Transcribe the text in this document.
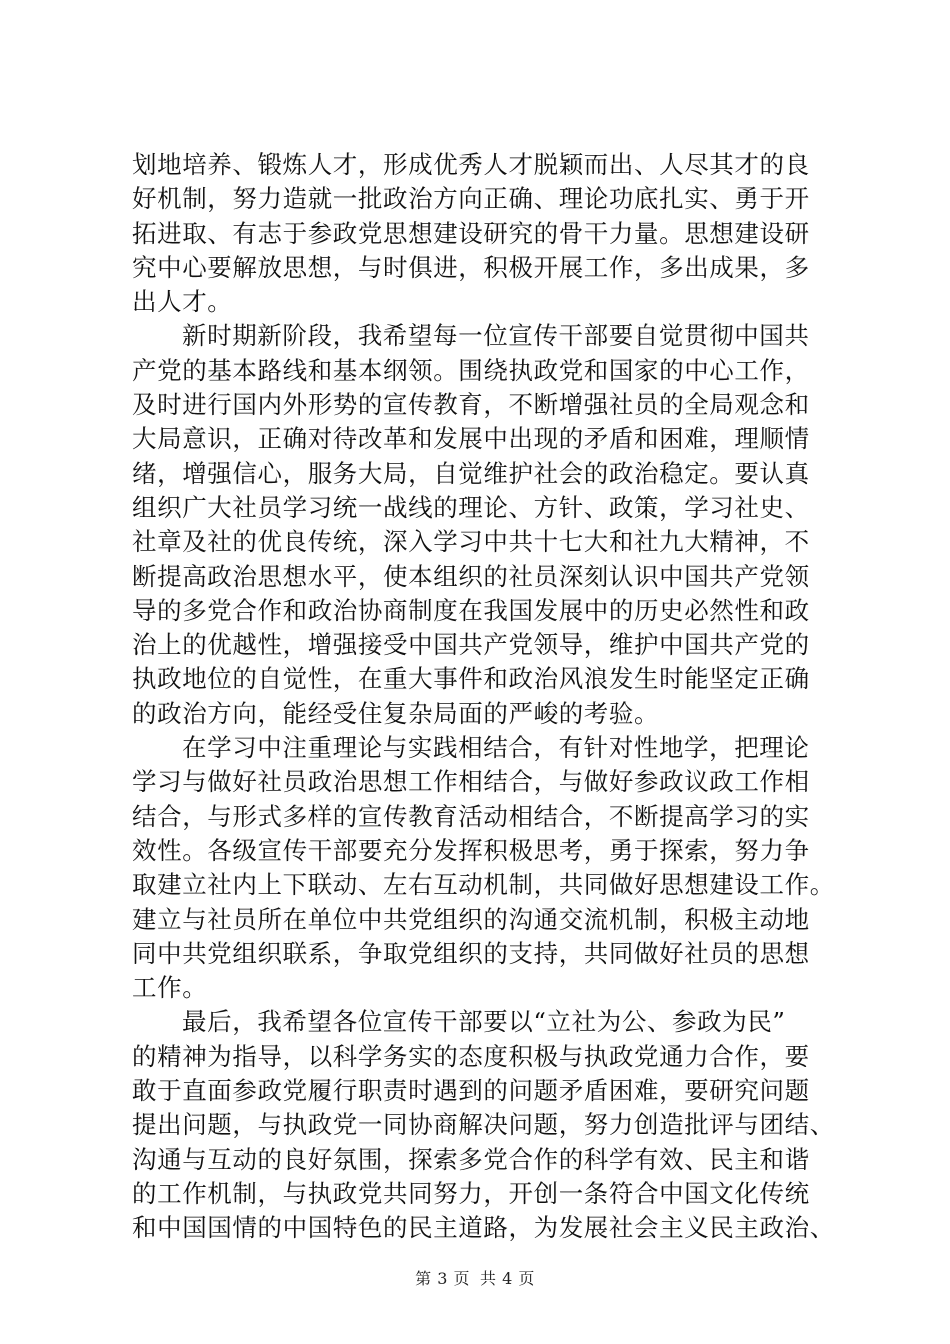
划地培养、锻炼人才，形成优秀人才脱颖而出、人尽其才的良
好机制，努力造就一批政治方向正确、理论功底扎实、勇于开
拓进取、有志于参政党思想建设研究的骨干力量。思想建设研
究中心要解放思想，与时俱进，积极开展工作，多出成果，多
出人才。
新时期新阶段，我希望每一位宣传干部要自觉贯彻中国共
产党的基本路线和基本纲领。围绕执政党和国家的中心工作，
及时进行国内外形势的宣传教育，不断增强社员的全局观念和
大局意识，正确对待改革和发展中出现的矛盾和困难，理顺情
绪，增强信心，服务大局，自觉维护社会的政治稳定。要认真
组织广大社员学习统一战线的理论、方针、政策，学习社史、
社章及社的优良传统，深入学习中共十七大和社九大精神，不
断提高政治思想水平，使本组织的社员深刻认识中国共产党领
导的多党合作和政治协商制度在我国发展中的历史必然性和政
治上的优越性，增强接受中国共产党领导，维护中国共产党的
执政地位的自觉性，在重大事件和政治风浪发生时能坚定正确
的政治方向，能经受住复杂局面的严峻的考验。
在学习中注重理论与实践相结合，有针对性地学，把理论
学习与做好社员政治思想工作相结合，与做好参政议政工作相
结合，与形式多样的宣传教育活动相结合，不断提高学习的实
效性。各级宣传干部要充分发挥积极思考，勇于探索，努力争
取建立社内上下联动、左右互动机制，共同做好思想建设工作。
建立与社员所在单位中共党组织的沟通交流机制，积极主动地
同中共党组织联系，争取党组织的支持，共同做好社员的思想
工作。
最后，我希望各位宣传干部要以“立社为公、参政为民”
的精神为指导，以科学务实的态度积极与执政党通力合作，要
敢于直面参政党履行职责时遇到的问题矛盾困难，要研究问题
提出问题，与执政党一同协商解决问题，努力创造批评与团结、
沟通与互动的良好氛围，探索多党合作的科学有效、民主和谐
的工作机制，与执政党共同努力，开创一条符合中国文化传统
和中国国情的中国特色的民主道路，为发展社会主义民主政治、
第 3 页 共 4 页
